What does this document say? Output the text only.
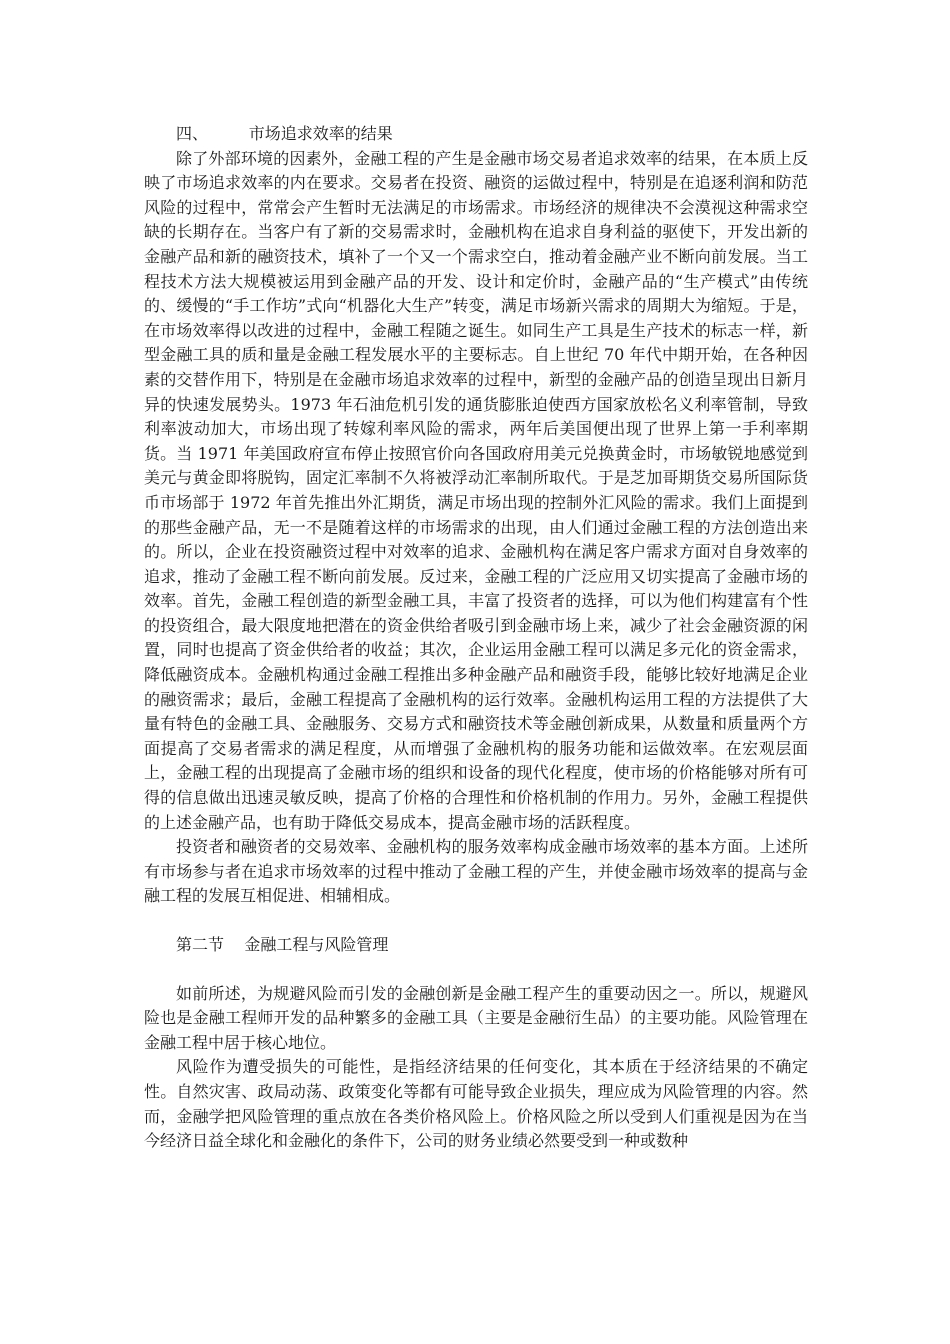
四、        市场追求效率的结果

除了外部环境的因素外，金融工程的产生是金融市场交易者追求效率的结果，在本质上反映了市场追求效率的内在要求。交易者在投资、融资的运做过程中，特别是在追逐利润和防范风险的过程中，常常会产生暂时无法满足的市场需求。市场经济的规律决不会漠视这种需求空缺的长期存在。当客户有了新的交易需求时，金融机构在追求自身利益的驱使下，开发出新的金融产品和新的融资技术，填补了一个又一个需求空白，推动着金融产业不断向前发展。当工程技术方法大规模被运用到金融产品的开发、设计和定价时，金融产品的“生产模式”由传统的、缓慢的“手工作坊”式向“机器化大生产”转变，满足市场新兴需求的周期大为缩短。于是，在市场效率得以改进的过程中，金融工程随之诞生。如同生产工具是生产技术的标志一样，新型金融工具的质和量是金融工程发展水平的主要标志。自上世纪 70 年代中期开始，在各种因素的交替作用下，特别是在金融市场追求效率的过程中，新型的金融产品的创造呈现出日新月异的快速发展势头。1973 年石油危机引发的通货膨胀迫使西方国家放松名义利率管制，导致利率波动加大，市场出现了转嫁利率风险的需求，两年后美国便出现了世界上第一手利率期货。当 1971 年美国政府宣布停止按照官价向各国政府用美元兑换黄金时，市场敏锐地感觉到美元与黄金即将脱钩，固定汇率制不久将被浮动汇率制所取代。于是芝加哥期货交易所国际货币市场部于 1972 年首先推出外汇期货，满足市场出现的控制外汇风险的需求。我们上面提到的那些金融产品，无一不是随着这样的市场需求的出现，由人们通过金融工程的方法创造出来的。所以，企业在投资融资过程中对效率的追求、金融机构在满足客户需求方面对自身效率的追求，推动了金融工程不断向前发展。反过来，金融工程的广泛应用又切实提高了金融市场的效率。首先，金融工程创造的新型金融工具，丰富了投资者的选择，可以为他们构建富有个性的投资组合，最大限度地把潜在的资金供给者吸引到金融市场上来，减少了社会金融资源的闲置，同时也提高了资金供给者的收益；其次，企业运用金融工程可以满足多元化的资金需求，降低融资成本。金融机构通过金融工程推出多种金融产品和融资手段，能够比较好地满足企业的融资需求；最后，金融工程提高了金融机构的运行效率。金融机构运用工程的方法提供了大量有特色的金融工具、金融服务、交易方式和融资技术等金融创新成果，从数量和质量两个方面提高了交易者需求的满足程度，从而增强了金融机构的服务功能和运做效率。在宏观层面上，金融工程的出现提高了金融市场的组织和设备的现代化程度，使市场的价格能够对所有可得的信息做出迅速灵敏反映，提高了价格的合理性和价格机制的作用力。另外，金融工程提供的上述金融产品，也有助于降低交易成本，提高金融市场的活跃程度。

投资者和融资者的交易效率、金融机构的服务效率构成金融市场效率的基本方面。上述所有市场参与者在追求市场效率的过程中推动了金融工程的产生，并使金融市场效率的提高与金融工程的发展互相促进、相辅相成。

第二节    金融工程与风险管理

如前所述，为规避风险而引发的金融创新是金融工程产生的重要动因之一。所以，规避风险也是金融工程师开发的品种繁多的金融工具（主要是金融衍生品）的主要功能。风险管理在金融工程中居于核心地位。

风险作为遭受损失的可能性，是指经济结果的任何变化，其本质在于经济结果的不确定性。自然灾害、政局动荡、政策变化等都有可能导致企业损失，理应成为风险管理的内容。然而，金融学把风险管理的重点放在各类价格风险上。价格风险之所以受到人们重视是因为在当今经济日益全球化和金融化的条件下，公司的财务业绩必然要受到一种或数种
